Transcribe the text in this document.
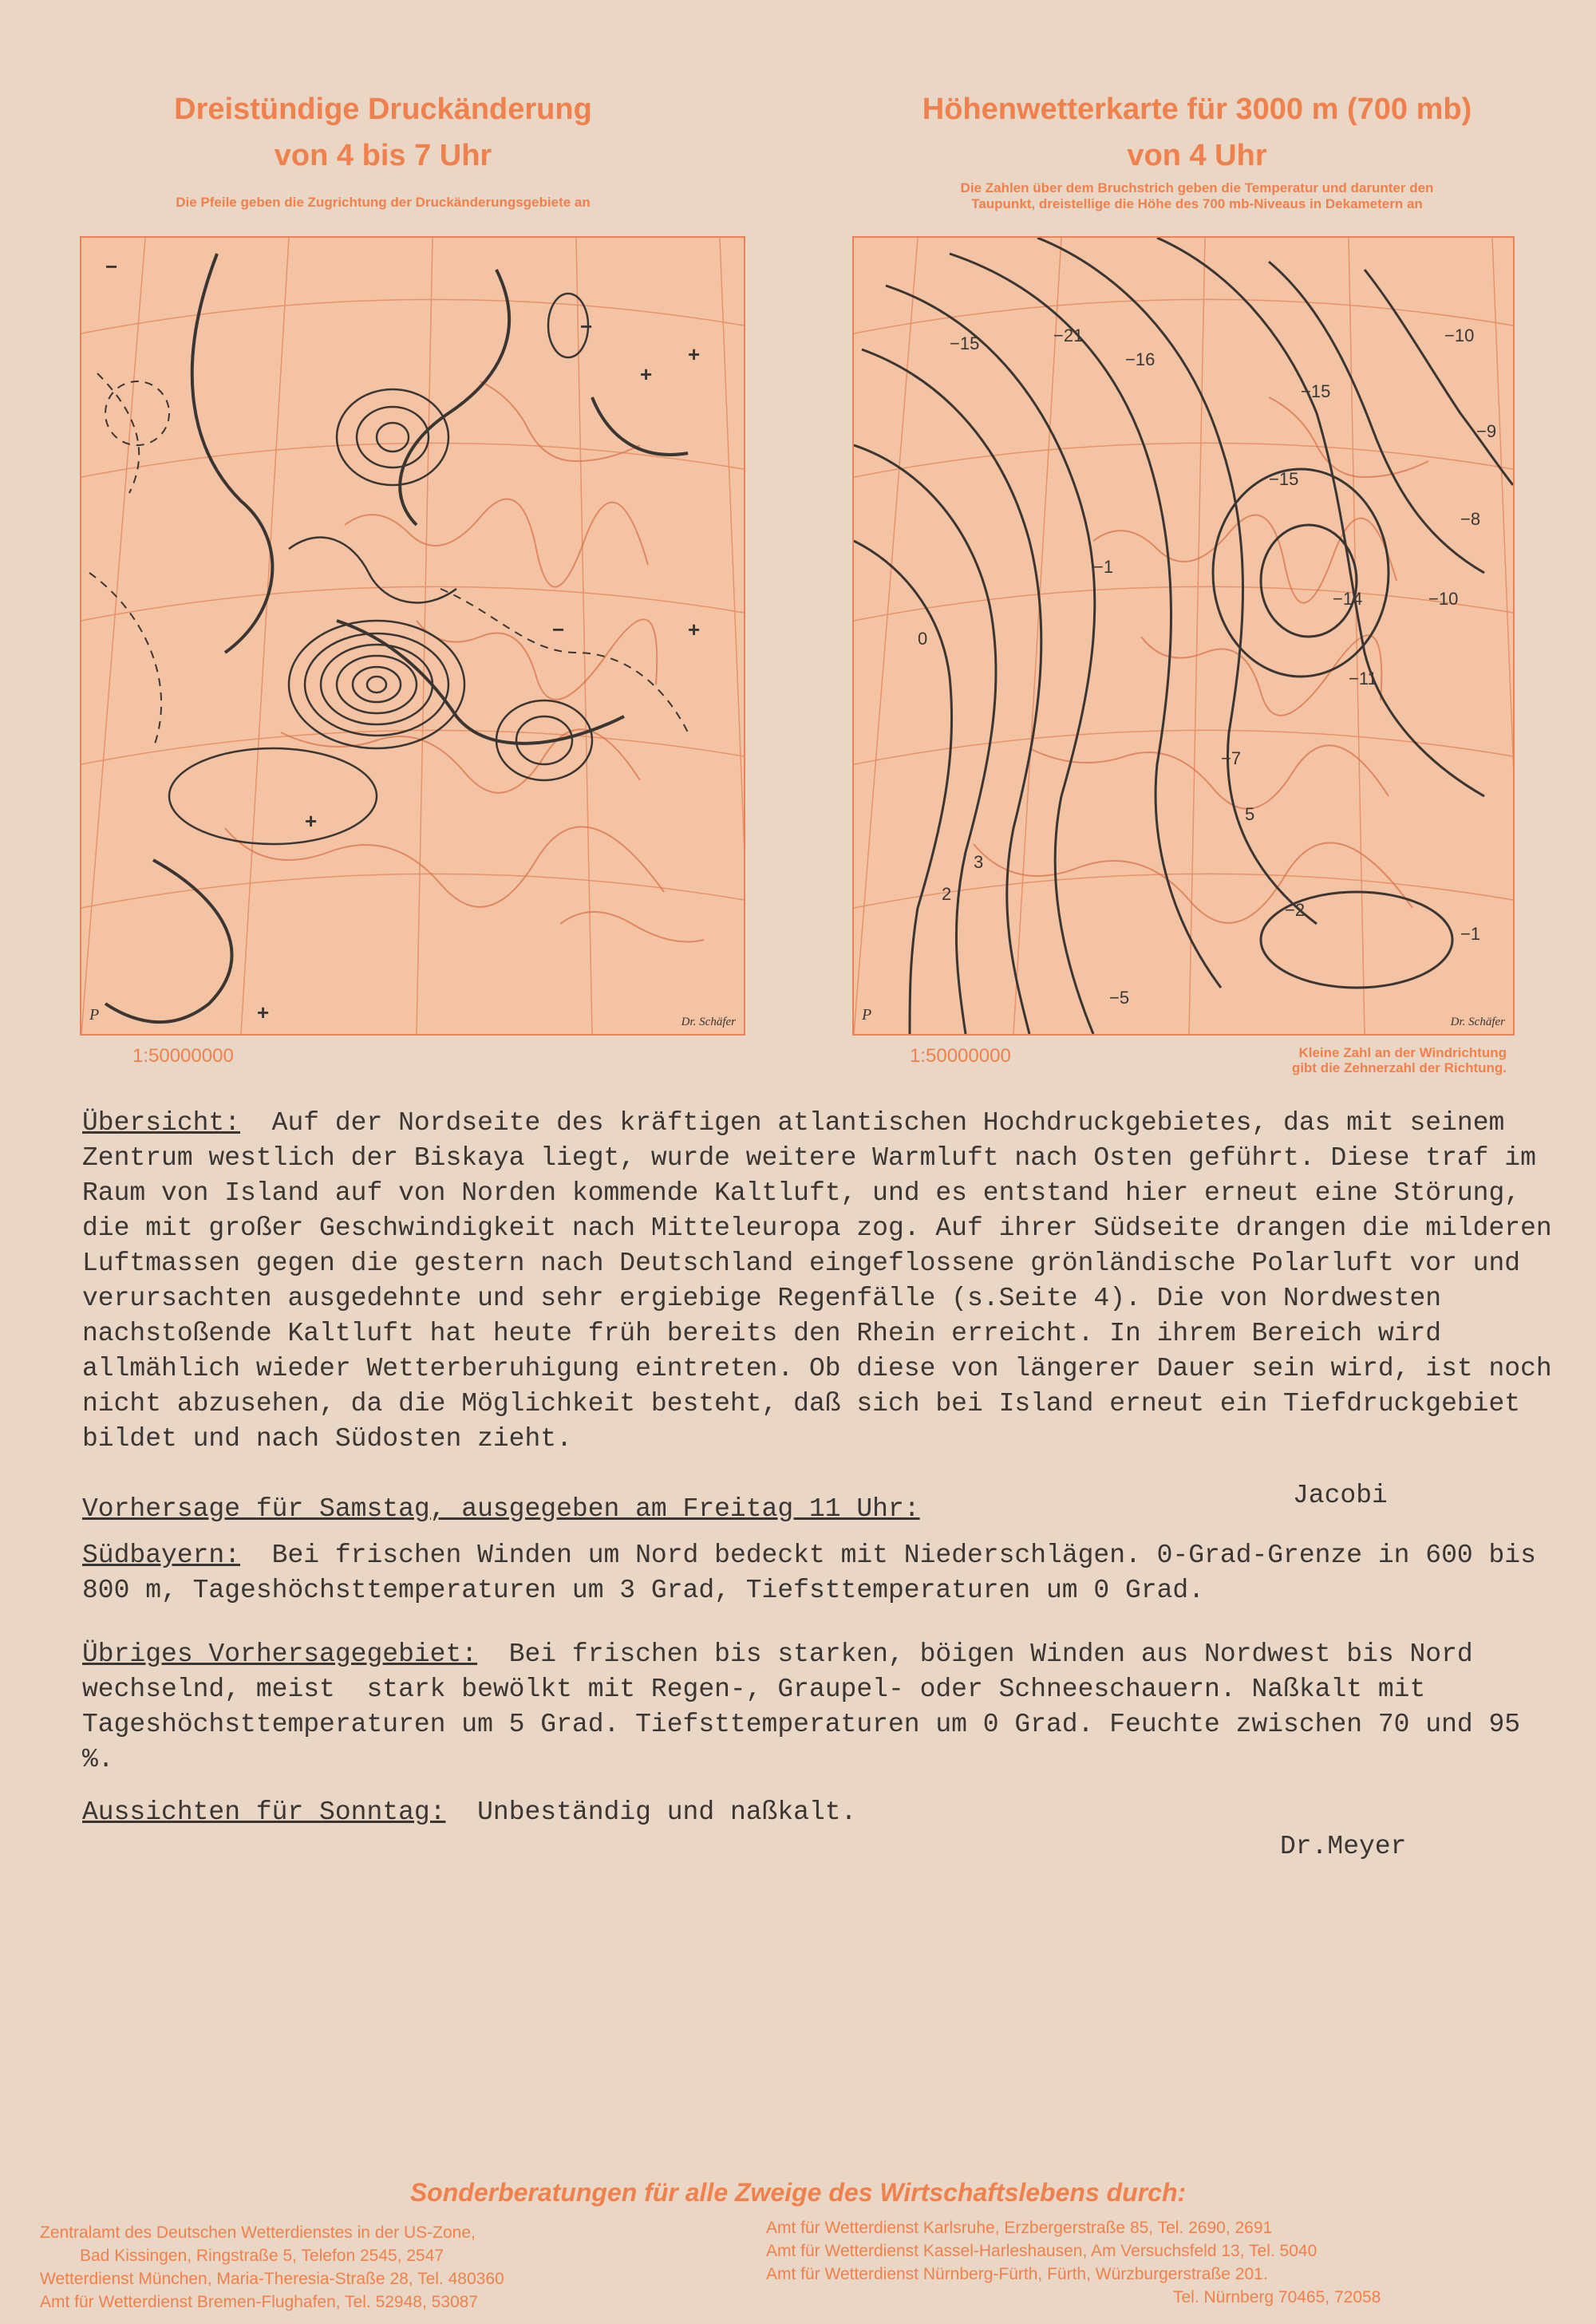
Dreistündige Druckänderung
von 4 bis 7 Uhr
Die Pfeile geben die Zugrichtung der Druckänderungsgebiete an
−
−
+
+
+
−
+
+
P	Dr. Schäfer
1:50000000
Höhenwetterkarte für 3000 m (700 mb)
von 4 Uhr
Die Zahlen über dem Bruchstrich geben die Temperatur und darunter den
Taupunkt, dreistellige die Höhe des 700 mb-Niveaus in Dekametern an
−15	−21
−16
−15
−15
−10
−9
−8
−10
−11
0
2
−1
−2
−1
−5
3
−7
−14
5
P	Dr. Schäfer
1:50000000	Kleine Zahl an der Windrichtung
gibt die Zehnerzahl der Richtung.

Übersicht:  Auf der Nordseite des kräftigen atlantischen Hochdruckgebietes, das mit seinem Zentrum westlich der Biskaya liegt, wurde weitere Warmluft nach Osten geführt. Diese traf im Raum von Island auf von Norden kommende Kaltluft, und es entstand hier erneut eine Störung, die mit großer Geschwindigkeit nach Mitteleuropa zog. Auf ihrer Südseite drangen die milderen Luftmassen gegen die gestern nach Deutschland eingeflossene grönländische Polarluft vor und verursachten ausgedehnte und sehr ergiebige Regenfälle (s.Seite 4). Die von Nordwesten nachstoßende Kaltluft hat heute früh bereits den Rhein erreicht. In ihrem Bereich wird allmählich wieder Wetterberuhigung eintreten. Ob diese von längerer Dauer sein wird, ist noch nicht abzusehen, da die Möglichkeit besteht, daß sich bei Island erneut ein Tiefdruckgebiet bildet und nach Südosten zieht.

Jacobi

Vorhersage für Samstag, ausgegeben am Freitag 11 Uhr:

Südbayern:  Bei frischen Winden um Nord bedeckt mit Niederschlägen. 0-Grad-Grenze in 600 bis 800 m, Tageshöchsttemperaturen um 3 Grad, Tiefsttemperaturen um 0 Grad.

Übriges Vorhersagegebiet:  Bei frischen bis starken, böigen Winden aus Nordwest bis Nord wechselnd, meist  stark bewölkt mit Regen-, Graupel- oder Schneeschauern. Naßkalt mit Tageshöchsttemperaturen um 5 Grad. Tiefsttemperaturen um 0 Grad. Feuchte zwischen 70 und 95 %.

Aussichten für Sonntag:  Unbeständig und naßkalt.

Dr.Meyer
Sonderberatungen für alle Zweige des Wirtschaftslebens durch:
Zentralamt des Deutschen Wetterdienstes in der US-Zone,
Bad Kissingen, Ringstraße 5, Telefon 2545, 2547
Wetterdienst München, Maria-Theresia-Straße 28, Tel. 480360
Amt für Wetterdienst Bremen-Flughafen, Tel. 52948, 53087
Amt für Wetterdienst Karlsruhe, Erzbergerstraße 85, Tel. 2690, 2691
Amt für Wetterdienst Kassel-Harleshausen, Am Versuchsfeld 13, Tel. 5040
Amt für Wetterdienst Nürnberg-Fürth, Fürth, Würzburgerstraße 201.
Tel. Nürnberg 70465, 72058
